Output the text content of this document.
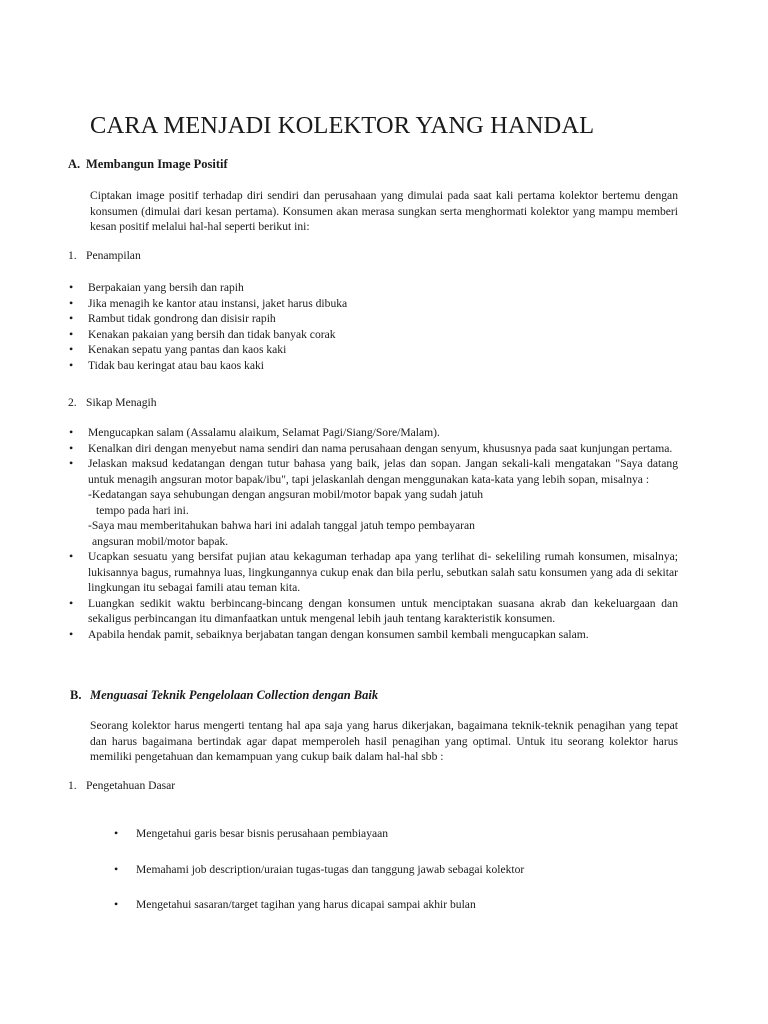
CARA MENJADI KOLEKTOR YANG HANDAL
A. Membangun Image Positif

Ciptakan image positif terhadap diri sendiri dan perusahaan yang dimulai pada saat kali pertama kolektor bertemu dengan konsumen (dimulai dari kesan pertama). Konsumen akan merasa sungkan serta menghormati kolektor yang mampu memberi kesan positif melalui hal-hal seperti berikut ini:

1. Penampilan
• Berpakaian yang bersih dan rapih
• Jika menagih ke kantor atau instansi, jaket harus dibuka
• Rambut tidak gondrong dan disisir rapih
• Kenakan pakaian yang bersih dan tidak banyak corak
• Kenakan sepatu yang pantas dan kaos kaki
• Tidak bau keringat atau bau kaos kaki
2. Sikap Menagih
• Mengucapkan salam (Assalamu alaikum, Selamat Pagi/Siang/Sore/Malam).
• Kenalkan diri dengan menyebut nama sendiri dan nama perusahaan dengan senyum, khususnya pada saat kunjungan pertama.
• Jelaskan maksud kedatangan dengan tutur bahasa yang baik, jelas dan sopan. Jangan sekali-kali mengatakan "Saya datang untuk menagih angsuran motor bapak/ibu", tapi jelaskanlah dengan menggunakan kata-kata yang lebih sopan, misalnya :
-Kedatangan saya sehubungan dengan angsuran mobil/motor bapak yang sudah jatuh
tempo pada hari ini.
-Saya mau memberitahukan bahwa hari ini adalah tanggal jatuh tempo pembayaran
angsuran mobil/motor bapak.
• Ucapkan sesuatu yang bersifat pujian atau kekaguman terhadap apa yang terlihat di- sekeliling rumah konsumen, misalnya; lukisannya bagus, rumahnya luas, lingkungannya cukup enak dan bila perlu, sebutkan salah satu konsumen yang ada di sekitar lingkungan itu sebagai famili atau teman kita.
• Luangkan sedikit waktu berbincang-bincang dengan konsumen untuk menciptakan suasana akrab dan kekeluargaan dan sekaligus perbincangan itu dimanfaatkan untuk mengenal lebih jauh tentang karakteristik konsumen.
• Apabila hendak pamit, sebaiknya berjabatan tangan dengan konsumen sambil kembali mengucapkan salam.
B. Menguasai Teknik Pengelolaan Collection dengan Baik

Seorang kolektor harus mengerti tentang hal apa saja yang harus dikerjakan, bagaimana teknik-teknik penagihan yang tepat dan harus bagaimana bertindak agar dapat memperoleh hasil penagihan yang optimal. Untuk itu seorang kolektor harus memiliki pengetahuan dan kemampuan yang cukup baik dalam hal-hal sbb :

1. Pengetahuan Dasar
• Mengetahui garis besar bisnis perusahaan pembiayaan
• Memahami job description/uraian tugas-tugas dan tanggung jawab sebagai kolektor
• Mengetahui sasaran/target tagihan yang harus dicapai sampai akhir bulan
